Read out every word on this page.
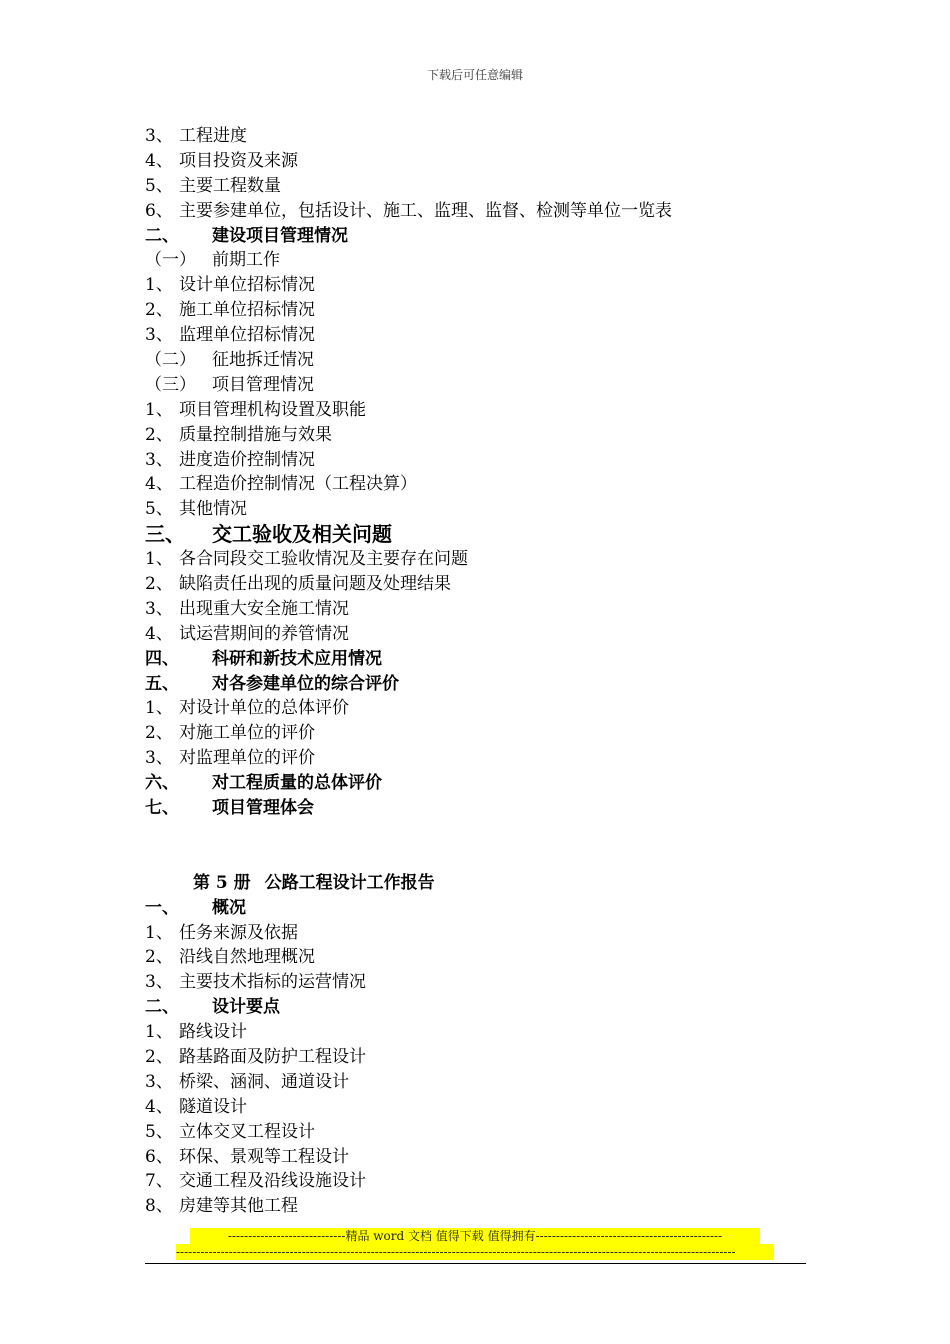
下载后可任意编辑
3、 工程进度
4、 项目投资及来源
5、 主要工程数量
6、 主要参建单位，包括设计、施工、监理、监督、检测等单位一览表
二、 建设项目管理情况
（一） 前期工作
1、 设计单位招标情况
2、 施工单位招标情况
3、 监理单位招标情况
（二） 征地拆迁情况
（三） 项目管理情况
1、 项目管理机构设置及职能
2、 质量控制措施与效果
3、 进度造价控制情况
4、 工程造价控制情况（工程决算）
5、 其他情况
三、 交工验收及相关问题
1、 各合同段交工验收情况及主要存在问题
2、 缺陷责任出现的质量问题及处理结果
3、 出现重大安全施工情况
4、 试运营期间的养管情况
四、 科研和新技术应用情况
五、 对各参建单位的综合评价
1、 对设计单位的总体评价
2、 对施工单位的评价
3、 对监理单位的评价
六、 对工程质量的总体评价
七、 项目管理体会
第 5 册 公路工程设计工作报告
一、 概况
1、 任务来源及依据
2、 沿线自然地理概况
3、 主要技术指标的运营情况
二、 设计要点
1、 路线设计
2、 路基路面及防护工程设计
3、 桥梁、涵洞、通道设计
4、 隧道设计
5、 立体交叉工程设计
6、 环保、景观等工程设计
7、 交通工程及沿线设施设计
8、 房建等其他工程
-----------------------------精品 word 文档 值得下载 值得拥有----------------------------------------------
------------------------------------------------------------------------------------------------------------------------------------------
